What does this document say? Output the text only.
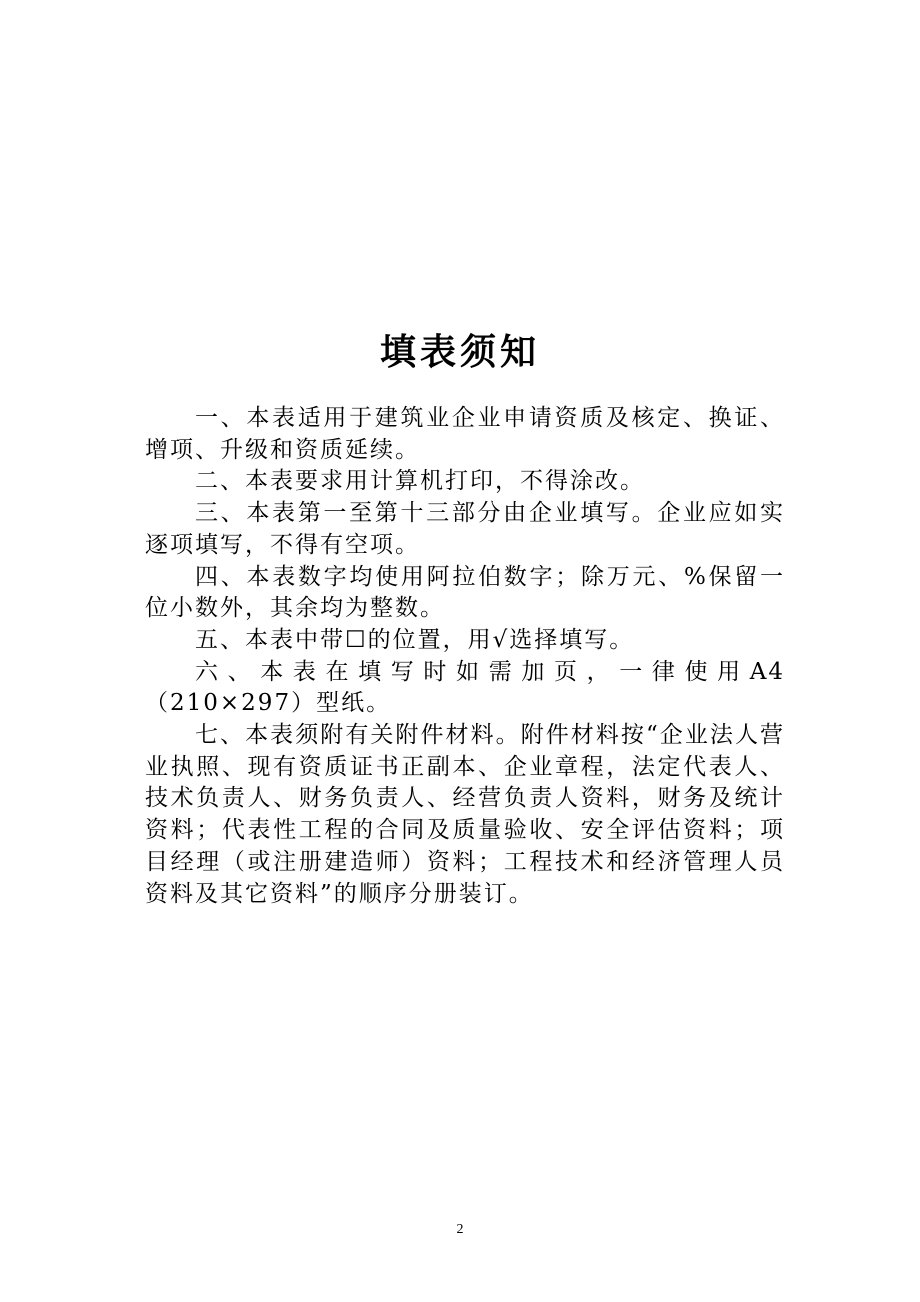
填表须知
一、本表适用于建筑业企业申请资质及核定、换证、增项、升级和资质延续。
二、本表要求用计算机打印，不得涂改。
三、本表第一至第十三部分由企业填写。企业应如实逐项填写，不得有空项。
四、本表数字均使用阿拉伯数字；除万元、%保留一位小数外，其余均为整数。
五、本表中带☐的位置，用√选择填写。
六、本表在填写时如需加页，一律使用A4（210×297）型纸。
七、本表须附有关附件材料。附件材料按“企业法人营业执照、现有资质证书正副本、企业章程，法定代表人、技术负责人、财务负责人、经营负责人资料，财务及统计资料；代表性工程的合同及质量验收、安全评估资料；项目经理（或注册建造师）资料；工程技术和经济管理人员资料及其它资料”的顺序分册装订。
2
